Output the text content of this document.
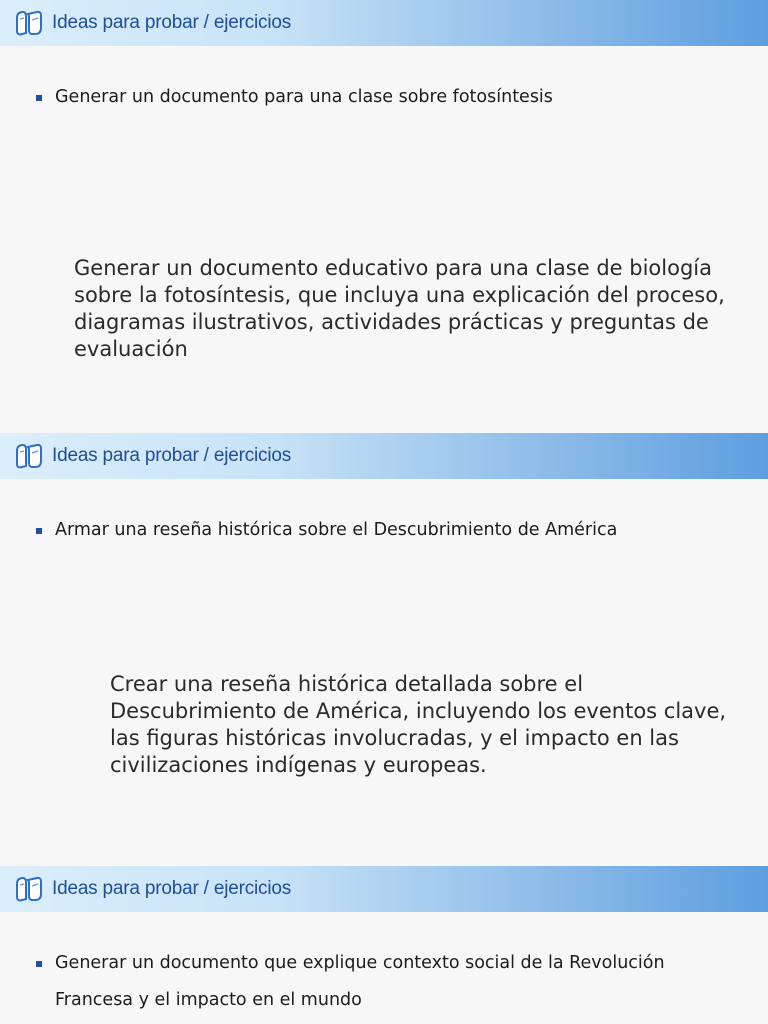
Ideas para probar / ejercicios
Generar un documento para una clase sobre fotosíntesis
Generar un documento educativo para una clase de biología sobre la fotosíntesis, que incluya una explicación del proceso, diagramas ilustrativos, actividades prácticas y preguntas de evaluación
Ideas para probar / ejercicios
Armar una reseña histórica sobre el Descubrimiento de América
Crear una reseña histórica detallada sobre el Descubrimiento de América, incluyendo los eventos clave, las figuras históricas involucradas, y el impacto en las civilizaciones indígenas y europeas.
Ideas para probar / ejercicios
Generar un documento que explique contexto social de la Revolución Francesa y el impacto en el mundo
